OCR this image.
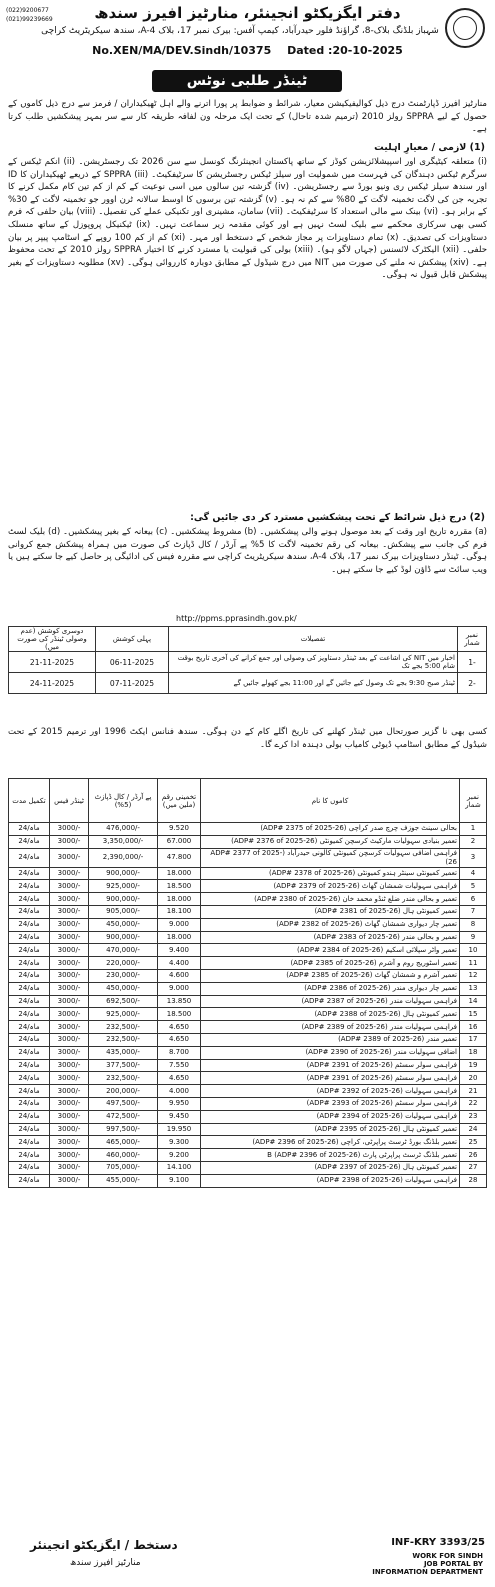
(022)9200677
(021)99239669	دفتر ایگزیکٹو انجینئر، منارٹیز افیرز سندھ
شہباز بلڈنگ بلاک-8، گراؤنڈ فلور حیدرآباد، کیمپ آفس: بیرک نمبر 17، بلاک A-4، سندھ سیکریٹریٹ کراچی
No.XEN/MA/DEV.Sindh/10375 Dated :20-10-2025
ٹینڈر طلبی نوٹس
منارٹیز افیرز ڈپارٹمنٹ درج ذیل کوالیفیکیشن معیار، شرائط و ضوابط پر پورا اترنے والے اہل ٹھیکیداران / فرمز سے درج ذیل کاموں کے حصول کے لیے SPPRA رولز 2010 (ترمیم شدہ تاحال) کے تحت ایک مرحلہ ون لفافہ طریقہ کار سے سر بمہر پیشکشیں طلب کرتا ہے۔
(1) لازمی / معیارِ اہلیت
(i) متعلقہ کیٹیگری اور اسپیشلائزیشن کوڈز کے ساتھ پاکستان انجینئرنگ کونسل سے سن 2026 تک رجسٹریشن۔ (ii) انکم ٹیکس کے سرگرم ٹیکس دہندگان کی فہرست میں شمولیت اور سیلز ٹیکس رجسٹریشن کا سرٹیفکیٹ۔ (iii) SPPRA کے ذریعے ٹھیکیداران کا ID اور سندھ سیلز ٹیکس ری ونیو بورڈ سے رجسٹریشن۔ (iv) گزشتہ تین سالوں میں اسی نوعیت کے کم از کم تین کام مکمل کرنے کا تجربہ جن کی لاگت تخمینہ لاگت کے 80% سے کم نہ ہو۔ (v) گزشتہ تین برسوں کا اوسط سالانہ ٹرن اوور جو تخمینہ لاگت کے 30% کے برابر ہو۔ (vi) بینک سے مالی استعداد کا سرٹیفکیٹ۔ (vii) سامان، مشینری اور تکنیکی عملے کی تفصیل۔ (viii) بیان حلفی کہ فرم کسی بھی سرکاری محکمے سے بلیک لسٹ نہیں ہے اور کوئی مقدمہ زیر سماعت نہیں۔ (ix) ٹیکنیکل پروپوزل کے ساتھ منسلک دستاویزات کی تصدیق۔ (x) تمام دستاویزات پر مجاز شخص کے دستخط اور مہر۔ (xi) کم از کم 100 روپے کے اسٹامپ پیپر پر بیان حلفی۔ (xii) الیکٹرک لائسنس (جہاں لاگو ہو)۔ (xiii) بولی کی قبولیت یا مسترد کرنے کا اختیار SPPRA رولز 2010 کے تحت محفوظ ہے۔ (xiv) پیشکش نہ ملنے کی صورت میں NIT میں درج شیڈول کے مطابق دوبارہ کارروائی ہوگی۔ (xv) مطلوبہ دستاویزات کے بغیر پیشکش قابل قبول نہ ہوگی۔
(2) درج ذیل شرائط کے تحت پیشکشیں مسترد کر دی جائیں گی:
(a) مقررہ تاریخ اور وقت کے بعد موصول ہونے والی پیشکشیں۔ (b) مشروط پیشکشیں۔ (c) بیعانہ کے بغیر پیشکشیں۔ (d) بلیک لسٹ فرم کی جانب سے پیشکش۔ بیعانہ کی رقم تخمینہ لاگت کا 5% پے آرڈر / کال ڈپازٹ کی صورت میں ہمراہ پیشکش جمع کروانی ہوگی۔ ٹینڈر دستاویزات بیرک نمبر 17، بلاک A-4، سندھ سیکریٹریٹ کراچی سے مقررہ فیس کی ادائیگی پر حاصل کیے جا سکتے ہیں یا ویب سائٹ سے ڈاؤن لوڈ کیے جا سکتے ہیں۔
http://ppms.pprasindh.gov.pk/
دوسری کوشش (عدم وصولی ٹینڈر کی صورت میں)	پہلی کوشش	تفصیلات	نمبر شمار
21-11-2025	06-11-2025	اخبار میں NIT کی اشاعت کے بعد ٹینڈر دستاویز کی وصولی اور جمع کرانے کی آخری تاریخ بوقت شام 5:00 بجے تک	1-
24-11-2025	07-11-2025	ٹینڈر صبح 9:30 بجے تک وصول کیے جائیں گے اور 11:00 بجے کھولے جائیں گے	2-
کسی بھی نا گزیر صورتحال میں ٹینڈر کھلنے کی تاریخ اگلے کام کے دن ہوگی۔ سندھ فنانس ایکٹ 1996 اور ترمیم 2015 کے تحت شیڈول کے مطابق اسٹامپ ڈیوٹی کامیاب بولی دہندہ ادا کرے گا۔
تکمیل مدت	ٹینڈر فیس	پے آرڈر / کال ڈپازٹ (5%)	تخمینی رقم (ملین میں)	کاموں کا نام	نمبر شمار
24/ماہ	3000/-	476,000/-	9.520	بحالی سینٹ جوزف چرچ صدر کراچی (ADP# 2375 of 2025-26)	1
24/ماہ	3000/-	3,350,000/-	67.000	تعمیر بنیادی سہولیات مارکیٹ کرسچن کمیونٹی (ADP# 2376 of 2025-26)	2
24/ماہ	3000/-	2,390,000/-	47.800	فراہمی اضافی سہولیات کرسچن کمیونٹی کالونی حیدرآباد (ADP# 2377 of 2025-26)	3
24/ماہ	3000/-	900,000/-	18.000	تعمیر کمیونٹی سینٹر ہندو کمیونٹی (ADP# 2378 of 2025-26)	4
24/ماہ	3000/-	925,000/-	18.500	فراہمی سہولیات شمشان گھاٹ (ADP# 2379 of 2025-26)	5
24/ماہ	3000/-	900,000/-	18.000	تعمیر و بحالی مندر ضلع ٹنڈو محمد خان (ADP# 2380 of 2025-26)	6
24/ماہ	3000/-	905,000/-	18.100	تعمیر کمیونٹی ہال (ADP# 2381 of 2025-26)	7
24/ماہ	3000/-	450,000/-	9.000	تعمیر چار دیواری شمشان گھاٹ (ADP# 2382 of 2025-26)	8
24/ماہ	3000/-	900,000/-	18.000	تعمیر و بحالی مندر (ADP# 2383 of 2025-26)	9
24/ماہ	3000/-	470,000/-	9.400	تعمیر واٹر سپلائی اسکیم (ADP# 2384 of 2025-26)	10
24/ماہ	3000/-	220,000/-	4.400	تعمیر اسٹوریج روم و آشرم (ADP# 2385 of 2025-26)	11
24/ماہ	3000/-	230,000/-	4.600	تعمیر آشرم و شمشان گھاٹ (ADP# 2385 of 2025-26)	12
24/ماہ	3000/-	450,000/-	9.000	تعمیر چار دیواری مندر (ADP# 2386 of 2025-26)	13
24/ماہ	3000/-	692,500/-	13.850	فراہمی سہولیات مندر (ADP# 2387 of 2025-26)	14
24/ماہ	3000/-	925,000/-	18.500	تعمیر کمیونٹی ہال (ADP# 2388 of 2025-26)	15
24/ماہ	3000/-	232,500/-	4.650	فراہمی سہولیات مندر (ADP# 2389 of 2025-26)	16
24/ماہ	3000/-	232,500/-	4.650	تعمیر مندر (ADP# 2389 of 2025-26)	17
24/ماہ	3000/-	435,000/-	8.700	اضافی سہولیات مندر (ADP# 2390 of 2025-26)	18
24/ماہ	3000/-	377,500/-	7.550	فراہمی سولر سسٹم (ADP# 2391 of 2025-26)	19
24/ماہ	3000/-	232,500/-	4.650	فراہمی سولر سسٹم (ADP# 2391 of 2025-26)	20
24/ماہ	3000/-	200,000/-	4.000	فراہمی سہولیات (ADP# 2392 of 2025-26)	21
24/ماہ	3000/-	497,500/-	9.950	فراہمی سولر سسٹم (ADP# 2393 of 2025-26)	22
24/ماہ	3000/-	472,500/-	9.450	فراہمی سہولیات (ADP# 2394 of 2025-26)	23
24/ماہ	3000/-	997,500/-	19.950	تعمیر کمیونٹی ہال (ADP# 2395 of 2025-26)	24
24/ماہ	3000/-	465,000/-	9.300	تعمیر بلڈنگ بورڈ ٹرسٹ پراپرٹی، کراچی (ADP# 2396 of 2025-26)	25
24/ماہ	3000/-	460,000/-	9.200	تعمیر بلڈنگ ٹرسٹ پراپرٹی پارٹ B (ADP# 2396 of 2025-26)	26
24/ماہ	3000/-	705,000/-	14.100	تعمیر کمیونٹی ہال (ADP# 2397 of 2025-26)	27
24/ماہ	3000/-	455,000/-	9.100	فراہمی سہولیات (ADP# 2398 of 2025-26)	28
دستخط / ایگزیکٹو انجینئر
منارٹیز افیرز سندھ
INF-KRY 3393/25
WORK FOR SINDH
JOB PORTAL BY
INFORMATION DEPARTMENT
